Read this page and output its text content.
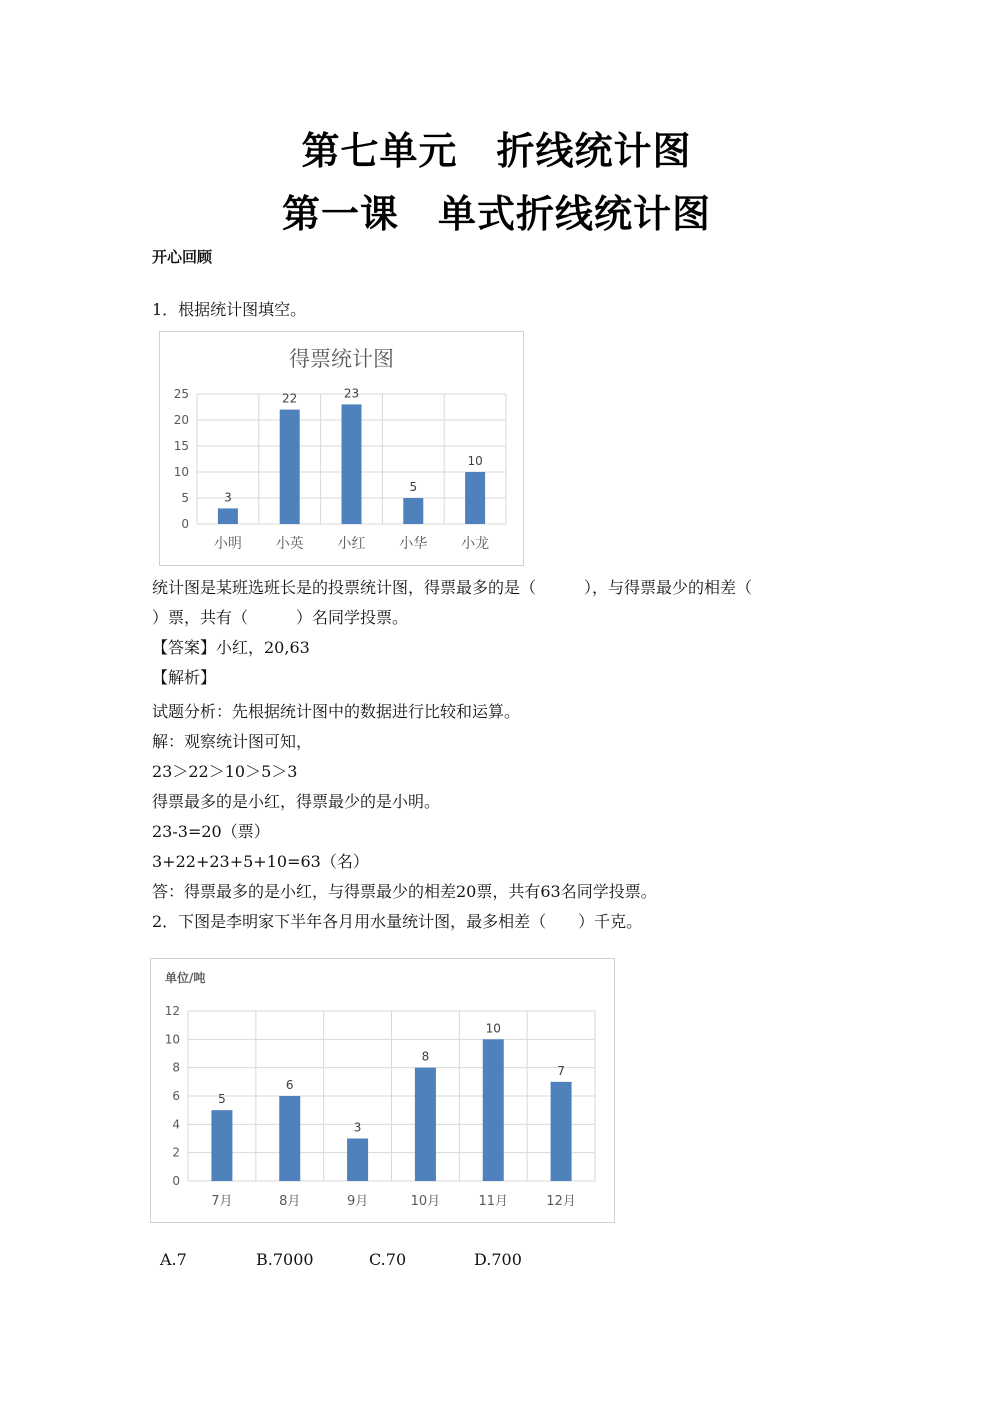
第七单元　折线统计图
第一课　单式折线统计图
开心回顾
1．根据统计图填空。
0
5
10
15
20
25
3
小明
22
小英
23
小红
5
小华
10
小龙
得票统计图
统计图是某班选班长是的投票统计图，得票最多的是（　　　），与得票最少的相差（
）票，共有（　　　）名同学投票。
【答案】小红，20,63
【解析】
试题分析：先根据统计图中的数据进行比较和运算。
解：观察统计图可知，
23＞22＞10＞5＞3
得票最多的是小红，得票最少的是小明。
23-3=20（票）
3+22+23+5+10=63（名）
答：得票最多的是小红，与得票最少的相差20票，共有63名同学投票。
2．下图是李明家下半年各月用水量统计图，最多相差（　　）千克。
0
2
4
6
8
10
12
5
7月
6
8月
3
9月
8
10月
10
11月
7
12月
单位/吨
A.7	B.7000	C.70	D.700
